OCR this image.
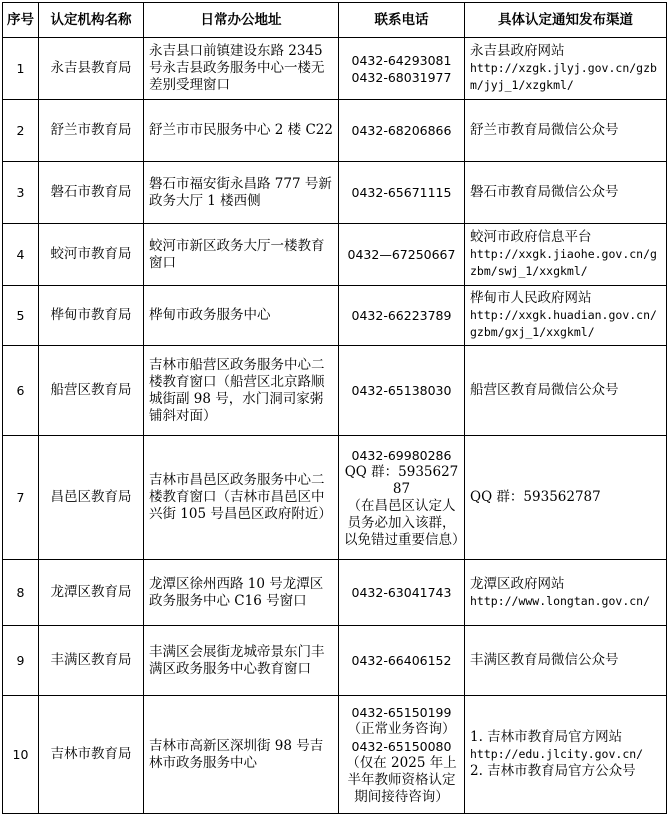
序号	认定机构名称	日常办公地址	联系电话	具体认定通知发布渠道
1	永吉县教育局	永吉县口前镇建设东路 2345 号永吉县政务服务中心一楼无差别受理窗口	0432-64293081
0432-68031977	永吉县政府网站
http://xzgk.jlyj.gov.cn/gzbm/jyj_1/xzgkml/

2	舒兰市教育局	舒兰市市民服务中心 2 楼 C22	0432-68206866	舒兰市教育局微信公众号

3	磐石市教育局	磐石市福安街永昌路 777 号新政务大厅 1 楼西侧	0432-65671115	磐石市教育局微信公众号

4	蛟河市教育局	蛟河市新区政务大厅一楼教育窗口	0432—67250667	蛟河市政府信息平台
http://xxgk.jiaohe.gov.cn/gzbm/swj_1/xxgkml/

5	桦甸市教育局	桦甸市政务服务中心	0432-66223789	桦甸市人民政府网站
http://xxgk.huadian.gov.cn/gzbm/gxj_1/xxgkml/

6	船营区教育局	吉林市船营区政务服务中心二楼教育窗口（船营区北京路顺城街副 98 号，水门洞司家粥铺斜对面）	0432-65138030	船营区教育局微信公众号

7	昌邑区教育局	吉林市昌邑区政务服务中心二楼教育窗口（吉林市昌邑区中兴街 105 号昌邑区政府附近）	0432-69980286
QQ 群：593562787
（在昌邑区认定人员务必加入该群，以免错过重要信息）	QQ 群：593562787

8	龙潭区教育局	龙潭区徐州西路 10 号龙潭区政务服务中心 C16 号窗口	0432-63041743	龙潭区政府网站
http://www.longtan.gov.cn/

9	丰满区教育局	丰满区会展街龙城帝景东门丰满区政务服务中心教育窗口	0432-66406152	丰满区教育局微信公众号

10	吉林市教育局	吉林市高新区深圳街 98 号吉林市政务服务中心	0432-65150199
（正常业务咨询）
0432-65150080
（仅在 2025 年上半年教师资格认定期间接待咨询）	1. 吉林市教育局官方网站
http://edu.jlcity.gov.cn/
2. 吉林市教育局官方公众号
